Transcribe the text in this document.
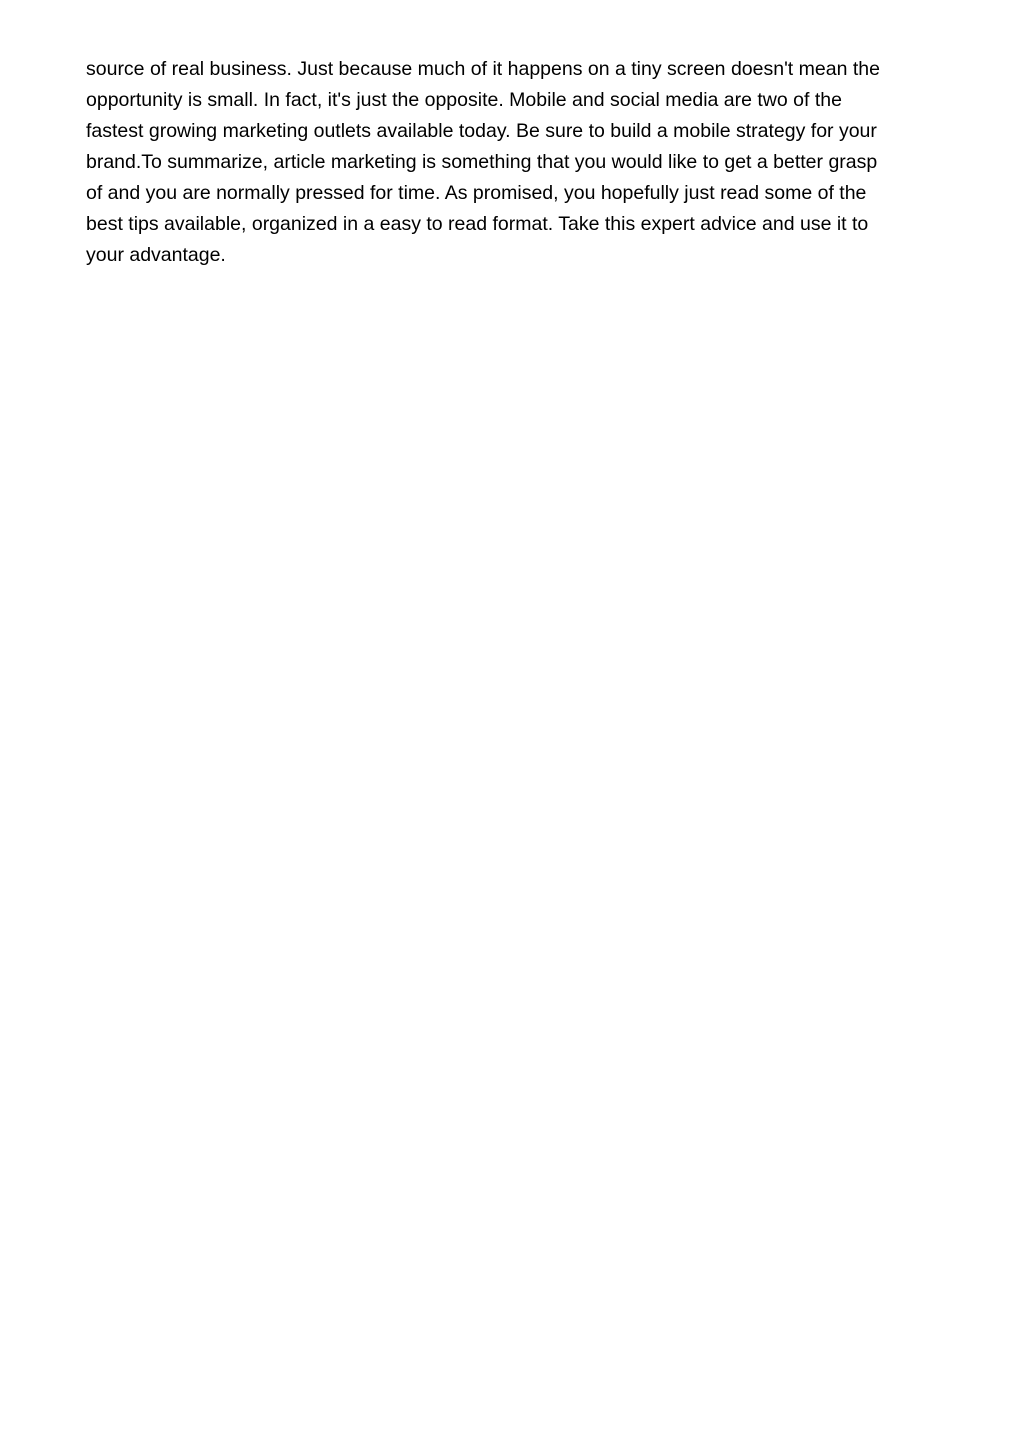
source of real business. Just because much of it happens on a tiny screen doesn't mean the
opportunity is small. In fact, it's just the opposite. Mobile and social media are two of the
fastest growing marketing outlets available today. Be sure to build a mobile strategy for your
brand.To summarize, article marketing is something that you would like to get a better grasp
of and you are normally pressed for time. As promised, you hopefully just read some of the
best tips available, organized in a easy to read format. Take this expert advice and use it to
your advantage.
